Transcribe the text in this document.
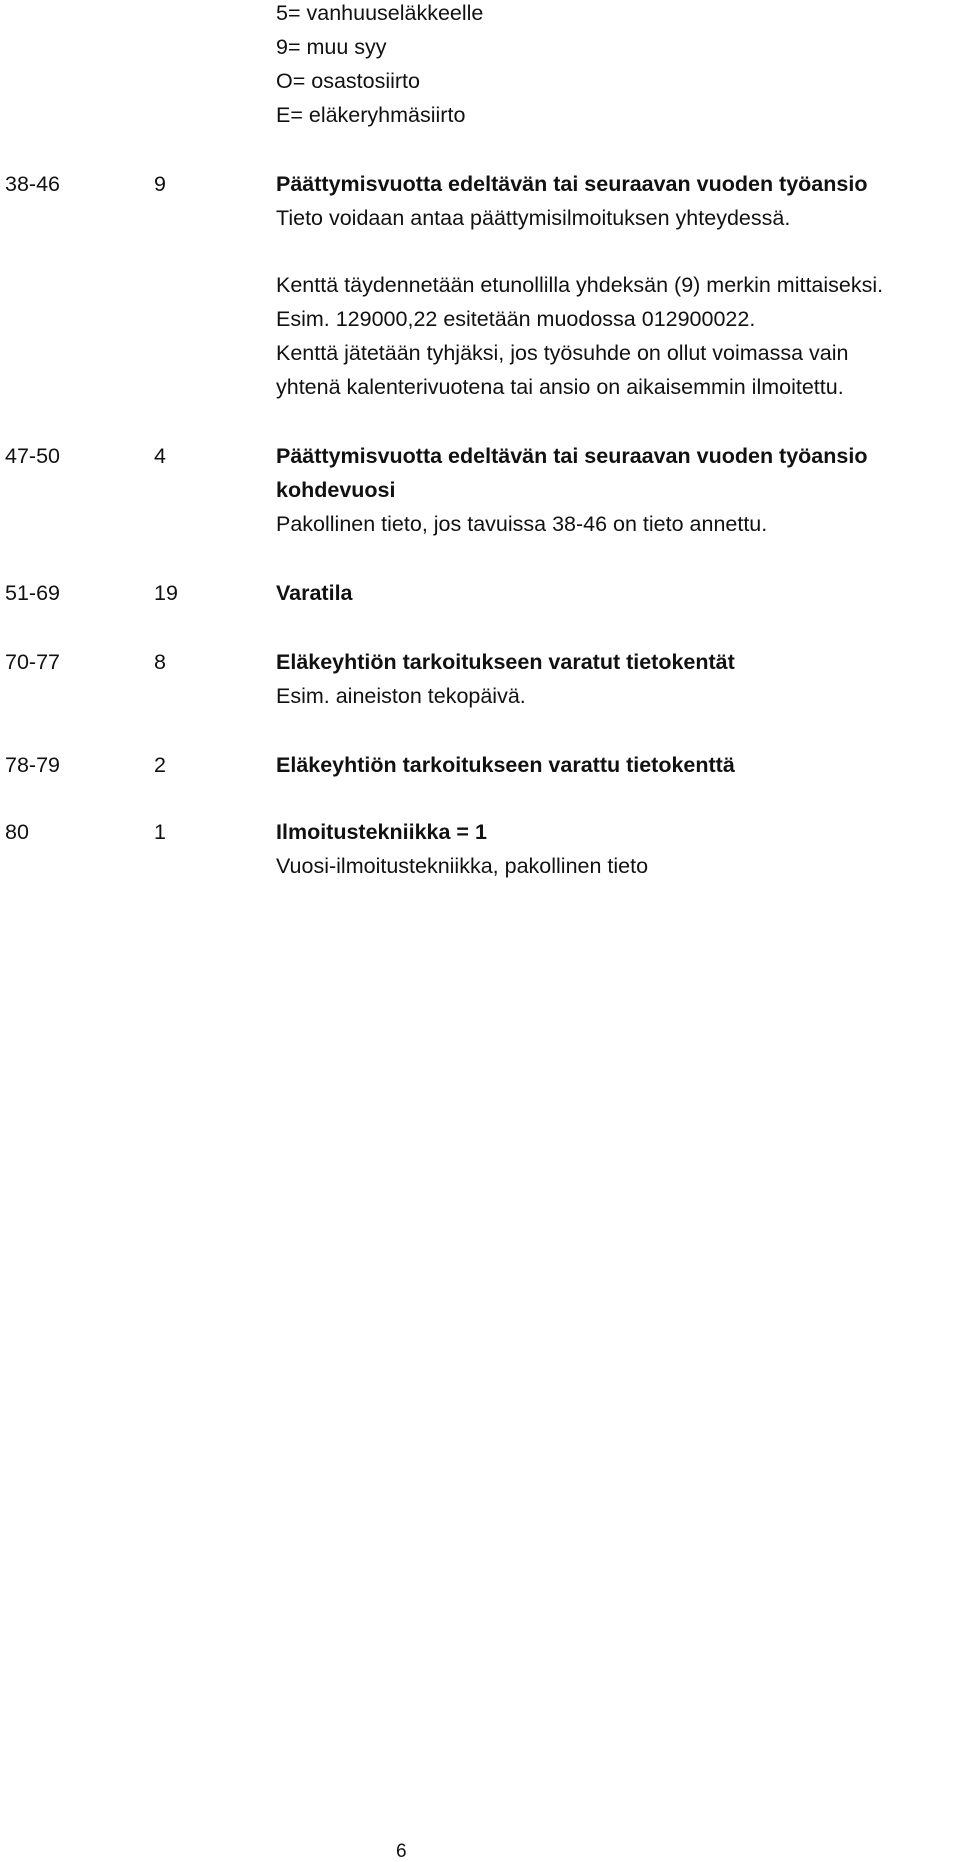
5= vanhuuseläkkeelle
9= muu syy
O= osastosiirto
E= eläkeryhmäsiirto
38-46	9	Päättymisvuotta edeltävän tai seuraavan vuoden työansio
Tieto voidaan antaa päättymisilmoituksen yhteydessä.
Kenttä täydennetään etunollilla yhdeksän (9) merkin mittaiseksi.
Esim. 129000,22 esitetään muodossa 012900022.
Kenttä jätetään tyhjäksi, jos työsuhde on ollut voimassa vain
yhtenä kalenterivuotena tai ansio on aikaisemmin ilmoitettu.
47-50	4	Päättymisvuotta edeltävän tai seuraavan vuoden työansio
kohdevuosi
Pakollinen tieto, jos tavuissa 38-46 on tieto annettu.
51-69	19	Varatila
70-77	8	Eläkeyhtiön tarkoitukseen varatut tietokentät
Esim. aineiston tekopäivä.
78-79	2	Eläkeyhtiön tarkoitukseen varattu tietokenttä
80	1	Ilmoitustekniikka = 1
Vuosi-ilmoitustekniikka, pakollinen tieto
6
